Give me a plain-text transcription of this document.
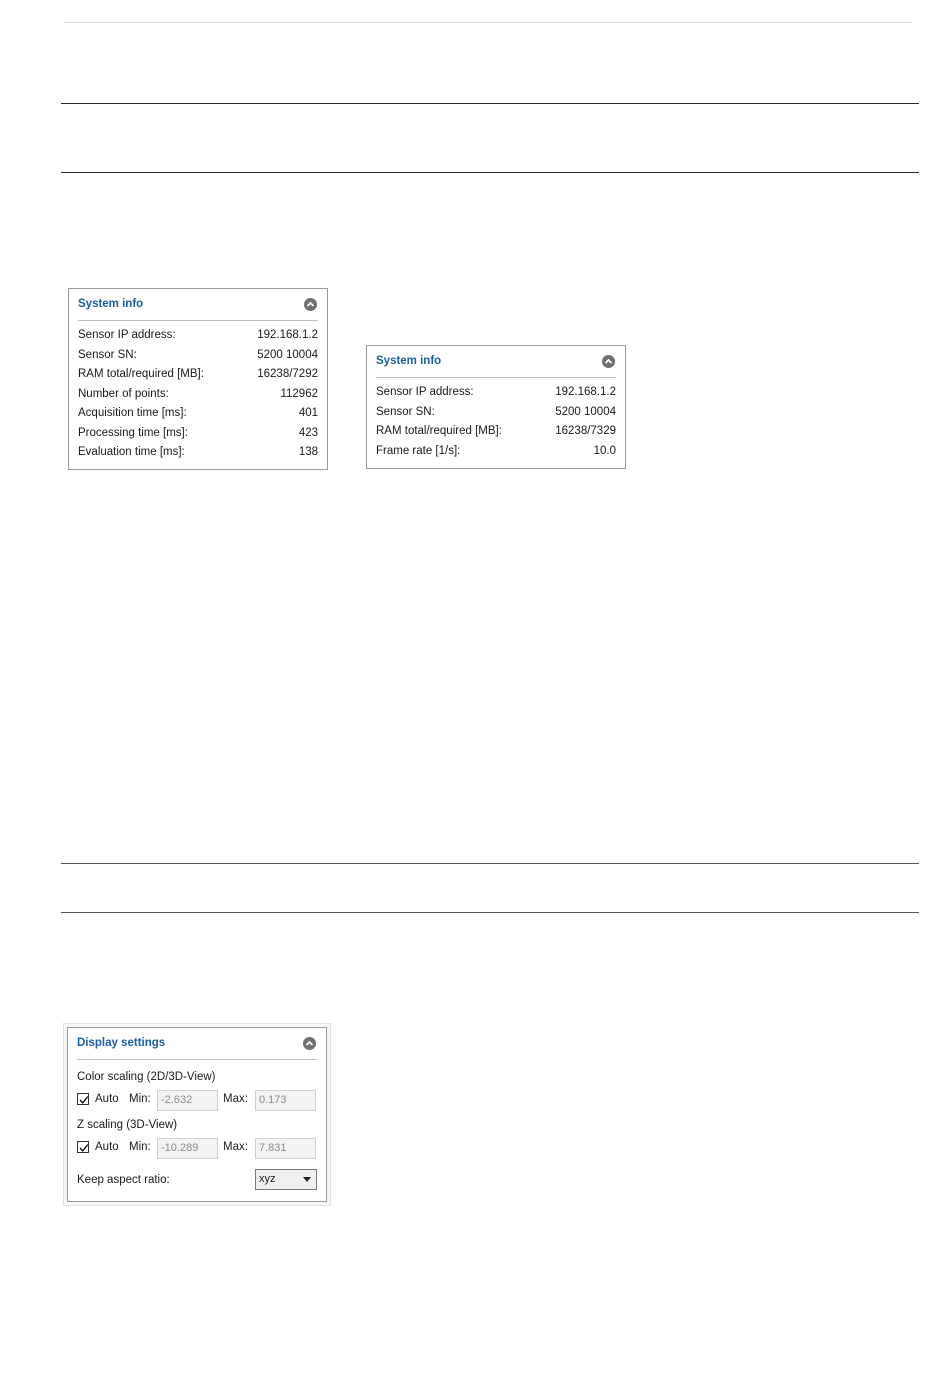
System info
Sensor IP address:	192.168.1.2
Sensor SN:	5200 10004
RAM total/required [MB]:	16238/7292
Number of points:	112962
Acquisition time [ms]:	401
Processing time [ms]:	423
Evaluation time [ms]:	138
System info
Sensor IP address:	192.168.1.2
Sensor SN:	5200 10004
RAM total/required [MB]:	16238/7329
Frame rate [1/s]:	10.0
Display settings
Color scaling (2D/3D-View)
Auto Min: -2.632	Max:	0.173
Z scaling (3D-View)
Auto Min: -10.289	Max:	7.831
Keep aspect ratio:	xyz
